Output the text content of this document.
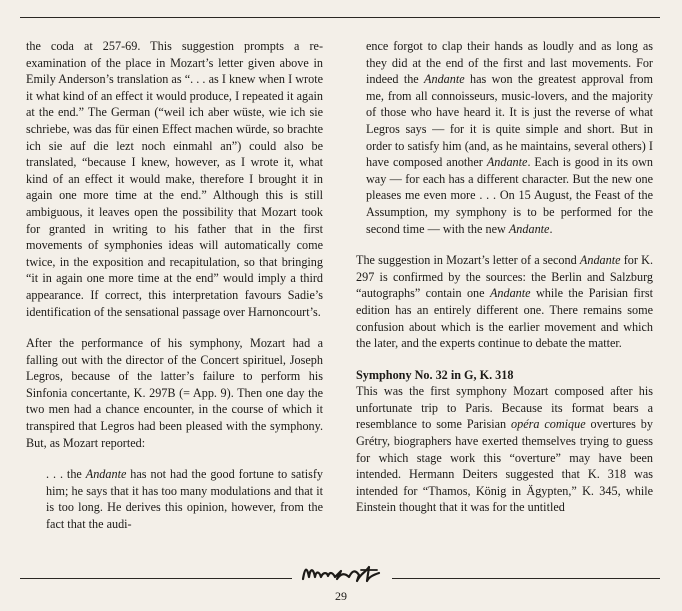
the coda at 257-69. This suggestion prompts a re-examination of the place in Mozart’s letter given above in Emily Anderson’s translation as “. . . as I knew when I wrote it what kind of an effect it would produce, I repeated it again at the end.” The German (“weil ich aber wüste, wie ich sie schriebe, was das für einen Effect machen würde, so brachte ich sie auf die lezt noch einmahl an”) could also be translated, “because I knew, however, as I wrote it, what kind of an effect it would make, therefore I brought it in again one more time at the end.” Although this is still ambiguous, it leaves open the possibility that Mozart took for granted in writing to his father that in the first movements of symphonies ideas will automatically come twice, in the exposition and recapitulation, so that bringing “it in again one more time at the end” would imply a third appearance. If correct, this interpretation favours Sadie’s identification of the sensational passage over Harnoncourt’s.

After the performance of his symphony, Mozart had a falling out with the director of the Concert spirituel, Joseph Legros, because of the latter’s failure to perform his Sinfonia concertante, K. 297B (= App. 9). Then one day the two men had a chance encounter, in the course of which it transpired that Legros had been pleased with the symphony. But, as Mozart reported:

. . . the Andante has not had the good fortune to satisfy him; he says that it has too many modulations and that it is too long. He derives this opinion, however, from the fact that the audi-

ence forgot to clap their hands as loudly and as long as they did at the end of the first and last movements. For indeed the Andante has won the greatest approval from me, from all connoisseurs, music-lovers, and the majority of those who have heard it. It is just the reverse of what Legros says — for it is quite simple and short. But in order to satisfy him (and, as he maintains, several others) I have composed another Andante. Each is good in its own way — for each has a different character. But the new one pleases me even more . . . On 15 August, the Feast of the Assumption, my symphony is to be performed for the second time — with the new Andante.

The suggestion in Mozart’s letter of a second Andante for K. 297 is confirmed by the sources: the Berlin and Salzburg “autographs” contain one Andante while the Parisian first edition has an entirely different one. There remains some confusion about which is the earlier movement and which the later, and the experts continue to debate the matter.

Symphony No. 32 in G, K. 318

This was the first symphony Mozart composed after his unfortunate trip to Paris. Because its format bears a resemblance to some Parisian opéra comique overtures by Grétry, biographers have exerted themselves trying to guess for which stage work this “overture” may have been intended. Hermann Deiters suggested that K. 318 was intended for “Thamos, König in Ägypten,” K. 345, while Einstein thought that it was for the untitled

29
